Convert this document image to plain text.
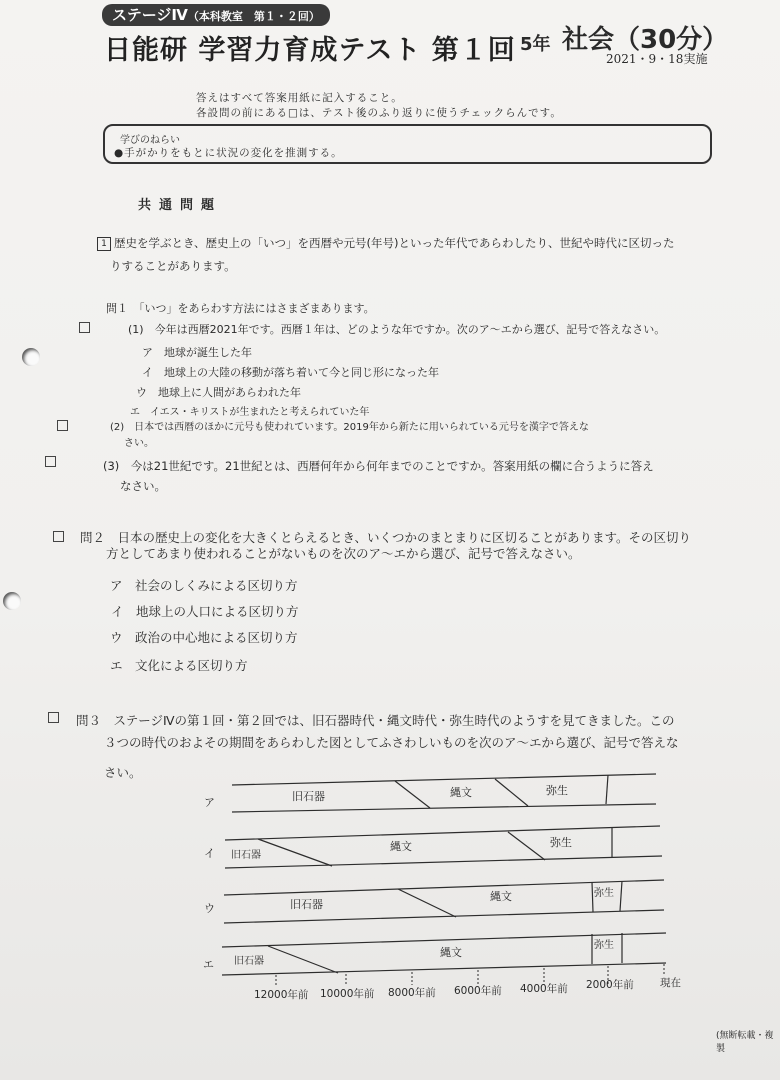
ステージⅣ（本科教室　第１・２回）
日能研 学習力育成テスト 第１回 5年 社会（30分）
2021・9・18実施
答えはすべて答案用紙に記入すること。
各設問の前にある□は、テスト後のふり返りに使うチェックらんです。
学びのねらい
●手がかりをもとに状況の変化を推測する。
共通問題
1 歴史を学ぶとき、歴史上の「いつ」を西暦や元号(年号)といった年代であらわしたり、世紀や時代に区切った
りすることがあります。
問１　「いつ」をあらわす方法にはさまざまあります。
(1)　今年は西暦2021年です。西暦１年は、どのような年ですか。次のア～エから選び、記号で答えなさい。
ア　地球が誕生した年
イ　地球上の大陸の移動が落ち着いて今と同じ形になった年
ウ　地球上に人間があらわれた年
エ　イエス・キリストが生まれたと考えられていた年
(2)　日本では西暦のほかに元号も使われています。2019年から新たに用いられている元号を漢字で答えな
さい。
(3)　今は21世紀です。21世紀とは、西暦何年から何年までのことですか。答案用紙の欄に合うように答え
なさい。
問２　日本の歴史上の変化を大きくとらえるとき、いくつかのまとまりに区切ることがあります。その区切り
方としてあまり使われることがないものを次のア～エから選び、記号で答えなさい。
ア　社会のしくみによる区切り方
イ　地球上の人口による区切り方
ウ　政治の中心地による区切り方
エ　文化による区切り方
問３　ステージⅣの第１回・第２回では、旧石器時代・縄文時代・弥生時代のようすを見てきました。この
３つの時代のおよその期間をあらわした図としてふさわしいものを次のア～エから選び、記号で答えな
さい。
ア	旧石器	縄文	弥生
イ 旧石器
縄文	弥生
ウ	旧石器
縄文	弥生
エ 旧石器
縄文
弥生
12000年前 10000年前 8000年前 6000年前 4000年前 2000年前	現在
(無断転載・複製
